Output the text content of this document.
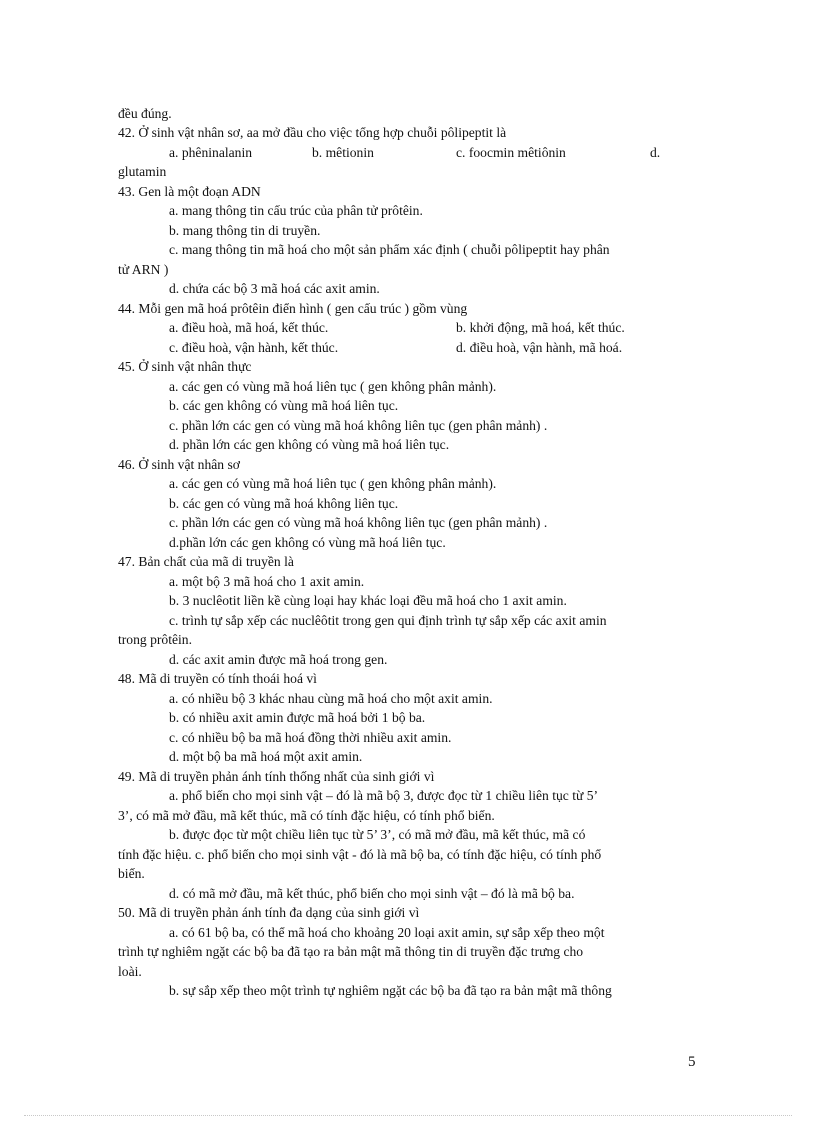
đều đúng.
42. Ở sinh vật nhân sơ, aa mở đầu cho việc tổng hợp chuỗi pôlipeptit là
a. phêninalanin	b. mêtionin	c. foocmin mêtiônin	d.
glutamin
43. Gen là một đoạn ADN
a. mang thông tin cấu trúc của phân tử prôtêin.
b. mang thông tin di truyền.
c. mang thông tin mã hoá cho một sản phẩm xác định ( chuỗi pôlipeptit hay phân
tử ARN )
d. chứa các bộ 3 mã hoá các axit amin.
44. Mỗi gen mã hoá prôtêin điển hình ( gen cấu trúc ) gồm vùng
a. điều hoà, mã hoá, kết thúc.	b. khởi động, mã hoá, kết thúc.
c. điều hoà, vận hành, kết thúc.	d. điều hoà, vận hành, mã hoá.
45. Ở sinh vật nhân thực
a. các gen có vùng mã hoá liên tục ( gen không phân mảnh).
b. các gen không có vùng mã hoá liên tục.
c. phần lớn các gen có vùng mã hoá không liên tục (gen phân mảnh) .
d. phần lớn các gen không có vùng mã hoá liên tục.
46. Ở sinh vật nhân sơ
a. các gen có vùng mã hoá liên tục ( gen không phân mảnh).
b. các gen có vùng mã hoá không liên tục.
c. phần lớn các gen có vùng mã hoá không liên tục (gen phân mảnh) .
d.phần lớn các gen không có vùng mã hoá liên tục.
47. Bản chất của mã di truyền là
a. một bộ 3 mã hoá cho 1 axit amin.
b. 3 nuclêotit liền kề cùng loại hay khác loại đều mã hoá cho 1 axit amin.
c. trình tự sắp xếp các nuclêôtit trong gen qui định trình tự sắp xếp các axit amin
trong prôtêin.
d. các axit amin được mã hoá trong gen.
48. Mã di truyền có tính thoái hoá vì
a. có nhiều bộ 3 khác nhau cùng mã hoá cho một axit amin.
b. có nhiều axit amin được mã hoá bởi 1 bộ ba.
c. có nhiều bộ ba mã hoá đồng thời nhiều axit amin.
d. một bộ ba mã hoá một axit amin.
49. Mã di truyền phản ánh tính thống nhất của sinh giới vì
a. phổ biến cho mọi sinh vật – đó là mã bộ 3, được đọc từ 1 chiều liên tục từ 5’
3’, có mã mở đầu, mã kết thúc, mã có tính đặc hiệu, có tính phổ biến.
b. được đọc từ một chiều liên tục từ 5’ 3’, có mã mở đầu, mã kết thúc, mã có
tính đặc hiệu. c. phổ biến cho mọi sinh vật - đó là mã bộ ba, có tính đặc hiệu, có tính phổ
biến.
d. có mã mở đầu, mã kết thúc, phổ biến cho mọi sinh vật – đó là mã bộ ba.
50. Mã di truyền phản ánh tính đa dạng của sinh giới vì
a. có 61 bộ ba, có thể mã hoá cho khoảng 20 loại axit amin, sự sắp xếp theo một
trình tự nghiêm ngặt các bộ ba đã tạo ra bản mật mã thông tin di truyền đặc trưng cho
loài.
b. sự sắp xếp theo một trình tự nghiêm ngặt các bộ ba đã tạo ra bản mật mã thông
5
